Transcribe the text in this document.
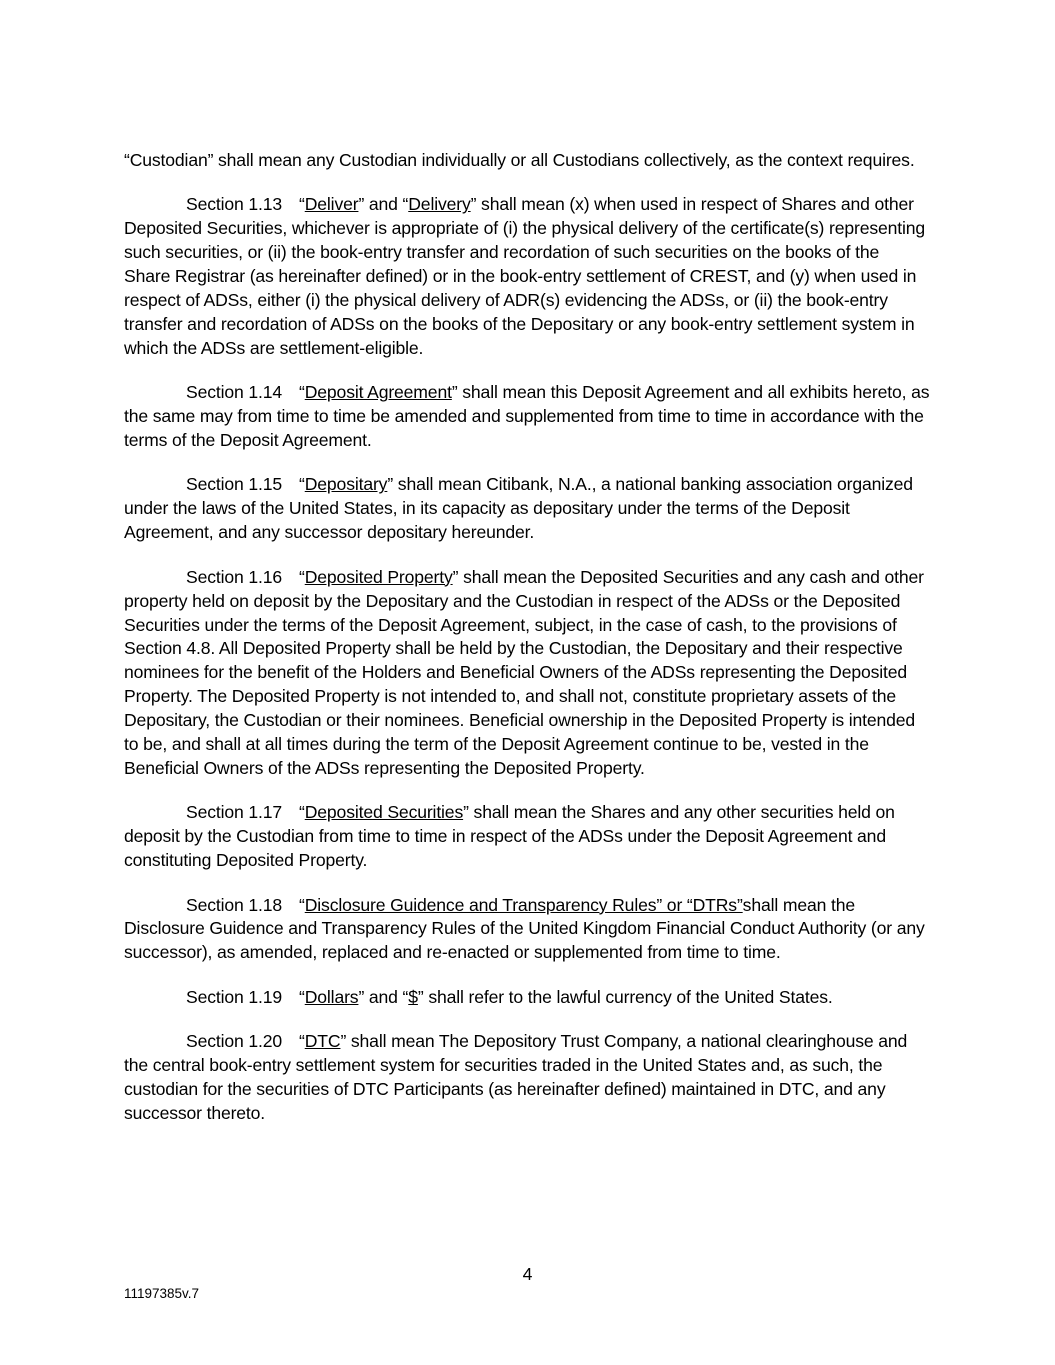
“Custodian” shall mean any Custodian individually or all Custodians collectively, as the context requires.

Section 1.13 “Deliver” and “Delivery” shall mean (x) when used in respect of Shares and other Deposited Securities, whichever is appropriate of (i) the physical delivery of the certificate(s) representing such securities, or (ii) the book-entry transfer and recordation of such securities on the books of the Share Registrar (as hereinafter defined) or in the book-entry settlement of CREST, and (y) when used in respect of ADSs, either (i) the physical delivery of ADR(s) evidencing the ADSs, or (ii) the book-entry transfer and recordation of ADSs on the books of the Depositary or any book-entry settlement system in which the ADSs are settlement-eligible.

Section 1.14 “Deposit Agreement” shall mean this Deposit Agreement and all exhibits hereto, as the same may from time to time be amended and supplemented from time to time in accordance with the terms of the Deposit Agreement.

Section 1.15 “Depositary” shall mean Citibank, N.A., a national banking association organized under the laws of the United States, in its capacity as depositary under the terms of the Deposit Agreement, and any successor depositary hereunder.

Section 1.16 “Deposited Property” shall mean the Deposited Securities and any cash and other property held on deposit by the Depositary and the Custodian in respect of the ADSs or the Deposited Securities under the terms of the Deposit Agreement, subject, in the case of cash, to the provisions of Section 4.8. All Deposited Property shall be held by the Custodian, the Depositary and their respective nominees for the benefit of the Holders and Beneficial Owners of the ADSs representing the Deposited Property. The Deposited Property is not intended to, and shall not, constitute proprietary assets of the Depositary, the Custodian or their nominees. Beneficial ownership in the Deposited Property is intended to be, and shall at all times during the term of the Deposit Agreement continue to be, vested in the Beneficial Owners of the ADSs representing the Deposited Property.

Section 1.17 “Deposited Securities” shall mean the Shares and any other securities held on deposit by the Custodian from time to time in respect of the ADSs under the Deposit Agreement and constituting Deposited Property.

Section 1.18 “Disclosure Guidence and Transparency Rules” or “DTRs”shall mean the Disclosure Guidence and Transparency Rules of the United Kingdom Financial Conduct Authority (or any successor), as amended, replaced and re-enacted or supplemented from time to time.

Section 1.19 “Dollars” and “$” shall refer to the lawful currency of the United States.

Section 1.20 “DTC” shall mean The Depository Trust Company, a national clearinghouse and the central book-entry settlement system for securities traded in the United States and, as such, the custodian for the securities of DTC Participants (as hereinafter defined) maintained in DTC, and any successor thereto.

4
11197385v.7
